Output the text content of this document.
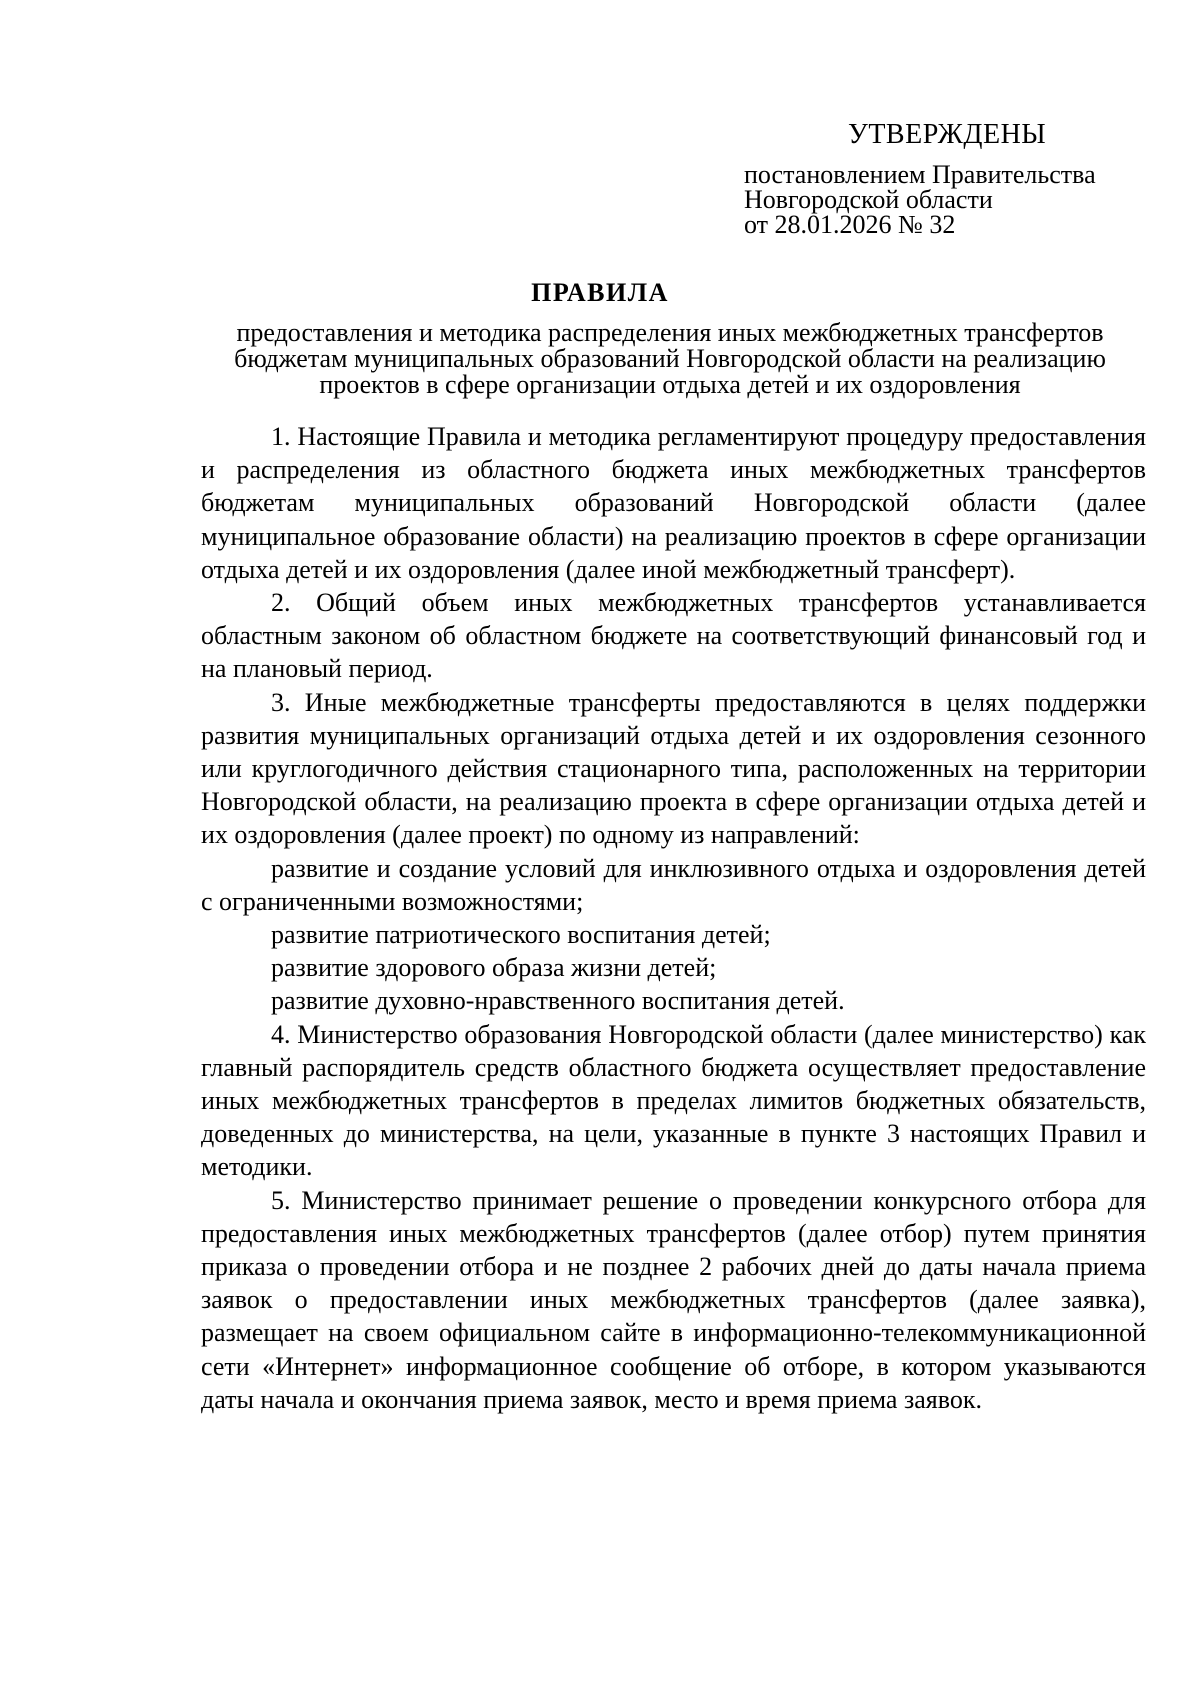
УТВЕРЖДЕНЫ
постановлением Правительства
Новгородской области
от 28.01.2026 № 32
ПРАВИЛА
предоставления и методика распределения иных межбюджетных трансфертов
бюджетам муниципальных образований Новгородской области на реализацию
проектов в сфере организации отдыха детей и их оздоровления

1. Настоящие Правила и методика регламентируют процедуру предоставления и распределения из областного бюджета иных межбюджетных трансфертов бюджетам муниципальных образований Новгородской области (далее муниципальное образование области) на реализацию проектов в сфере организации отдыха детей и их оздоровления (далее иной межбюджетный трансферт).

2. Общий объем иных межбюджетных трансфертов устанавливается областным законом об областном бюджете на соответствующий финансовый год и на плановый период.

3. Иные межбюджетные трансферты предоставляются в целях поддержки развития муниципальных организаций отдыха детей и их оздоровления сезонного или круглогодичного действия стационарного типа, расположенных на территории Новгородской области, на реализацию проекта в сфере организации отдыха детей и их оздоровления (далее проект) по одному из направлений:

развитие и создание условий для инклюзивного отдыха и оздоровления детей с ограниченными возможностями;

развитие патриотического воспитания детей;

развитие здорового образа жизни детей;

развитие духовно-нравственного воспитания детей.

4. Министерство образования Новгородской области (далее министерство) как главный распорядитель средств областного бюджета осуществляет предоставление иных межбюджетных трансфертов в пределах лимитов бюджетных обязательств, доведенных до министерства, на цели, указанные в пункте 3 настоящих Правил и методики.

5. Министерство принимает решение о проведении конкурсного отбора для предоставления иных межбюджетных трансфертов (далее отбор) путем принятия приказа о проведении отбора и не позднее 2 рабочих дней до даты начала приема заявок о предоставлении иных межбюджетных трансфертов (далее заявка), размещает на своем официальном сайте в информационно-телекоммуникационной сети «Интернет» информационное сообщение об отборе, в котором указываются даты начала и окончания приема заявок, место и время приема заявок.
